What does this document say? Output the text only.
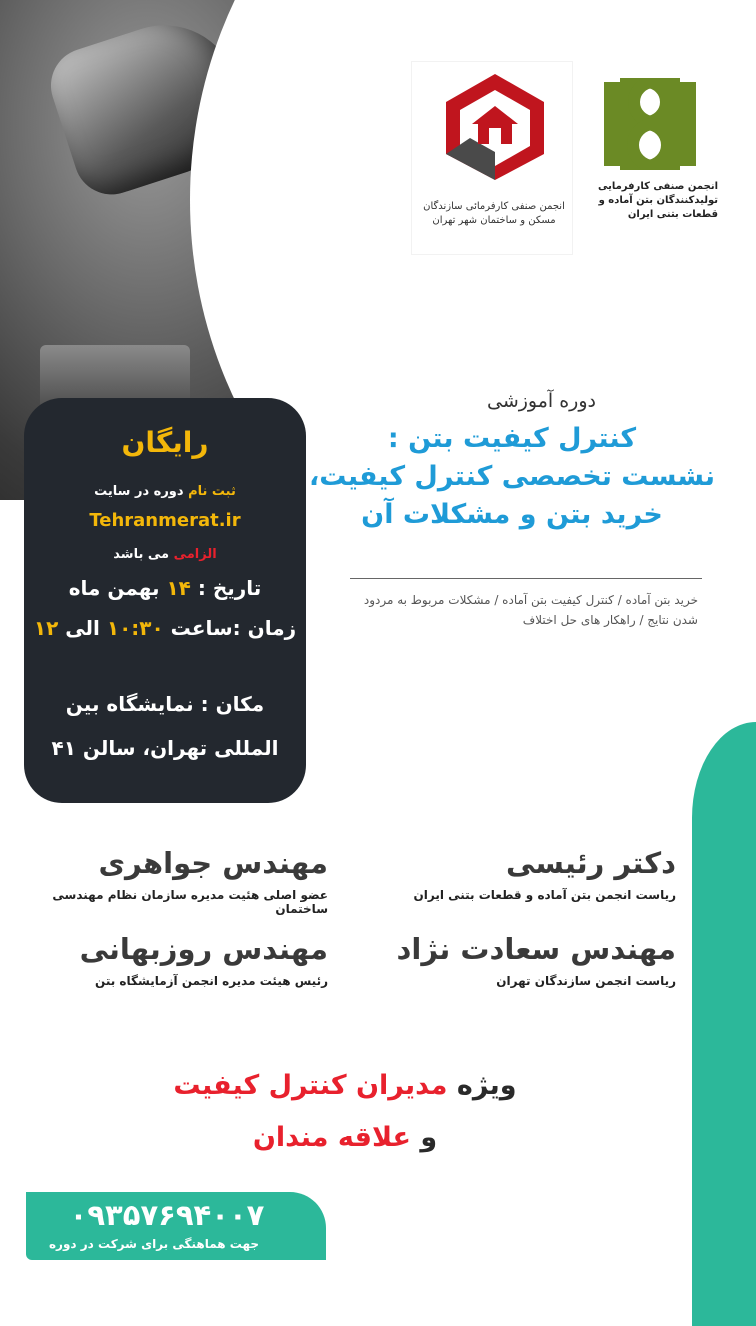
انجمن صنفی کارفرمائی سازندگان مسکن و ساختمان شهر تهران
انجمن صنفی کارفرمایی تولیدکنندگان بتن آماده و قطعات بتنی ایران
دوره آموزشی
کنترل کیفیت بتن :
نشست تخصصی کنترل کیفیت،
خرید بتن و مشکلات آن
خرید بتن آماده / کنترل کیفیت بتن آماده / مشکلات مربوط به مردود شدن نتایج / راهکار های حل اختلاف
رایگان
ثبت نام دوره در سایت
Tehranmerat.ir
الزامی می باشد
تاریخ : ۱۴ بهمن ماه
زمان :ساعت ۱۰:۳۰ الی ۱۲
مکان : نمایشگاه بین المللی تهران، سالن ۴۱
دکتر رئیسی
ریاست انجمن بتن آماده و قطعات بتنی ایران
مهندس جواهری
عضو اصلی هئیت مدیره سازمان نظام مهندسی ساختمان
مهندس سعادت نژاد
ریاست انجمن سازندگان تهران
مهندس روزبهانی
رئیس هیئت مدیره انجمن آزمایشگاه بتن
ویژه مدیران کنترل کیفیت
و علاقه مندان
۰۹۳۵۷۶۹۴۰۰۷
جهت هماهنگی برای شرکت در دوره
